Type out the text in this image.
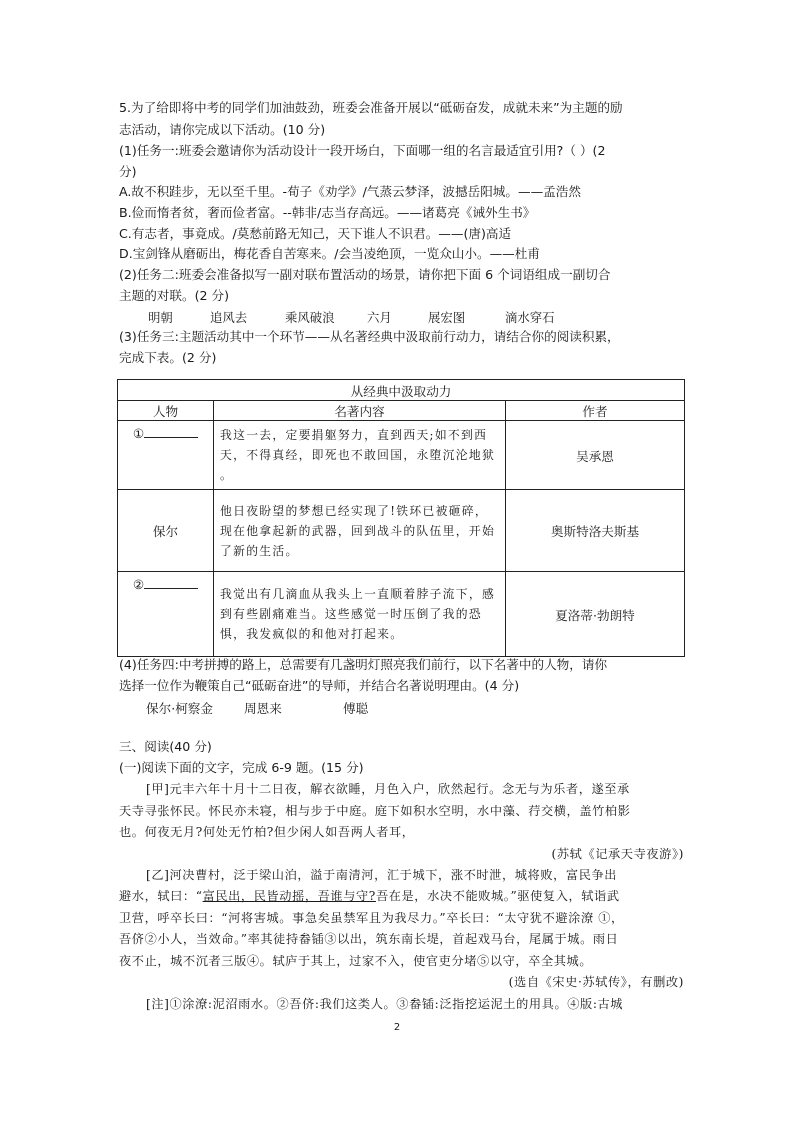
5.为了给即将中考的同学们加油鼓劲，班委会准备开展以“砥砺奋发，成就未来”为主题的励
志活动，请你完成以下活动。(10 分)
(1)任务一:班委会邀请你为活动设计一段开场白，下面哪一组的名言最适宜引用?（ ）(2
分)
A.故不积跬步，无以至千里。-荀子《劝学》/气蒸云梦泽，波撼岳阳城。——孟浩然
B.俭而惰者贫，奢而俭者富。--韩非/志当存高远。——诸葛亮《诫外生书》
C.有志者，事竟成。/莫愁前路无知己，天下谁人不识君。——(唐)高适
D.宝剑锋从磨砺出，梅花香自苦寒来。/会当凌绝顶，一览众山小。——杜甫
(2)任务二:班委会准备拟写一副对联布置活动的场景，请你把下面 6 个词语组成一副切合
主题的对联。(2 分)
明朝	追风去	乘风破浪	六月	展宏图	滴水穿石
(3)任务三:主题活动其中一个环节——从名著经典中汲取前行动力，请结合你的阅读积累，
完成下表。(2 分)
从经典中汲取动力		
人物	名著内容	作者
①	我这一去，定要捐躯努力，直到西天;如不到西天，不得真经，即死也不敢回国，永堕沉沦地狱 。	吴承恩
保尔	他日夜盼望的梦想已经实现了!铁环已被砸碎，现在他拿起新的武器，回到战斗的队伍里，开始了新的生活。	奥斯特洛夫斯基
②	我觉出有几滴血从我头上一直顺着脖子流下，感到有些剧痛难当。这些感觉一时压倒了我的恐惧，我发疯似的和他对打起来。	夏洛蒂·勃朗特
(4)任务四:中考拼搏的路上，总需要有几盏明灯照亮我们前行，以下名著中的人物，请你
选择一位作为鞭策自己“砥砺奋进”的导师，并结合名著说明理由。(4 分)
保尔·柯察金 周恩来	傅聪
三、阅读(40 分)
(一)阅读下面的文字，完成 6-9 题。(15 分)
[甲]元丰六年十月十二日夜，解衣欲睡，月色入户，欣然起行。念无与为乐者，遂至承
天寺寻张怀民。怀民亦未寝，相与步于中庭。庭下如积水空明，水中藻、荇交横，盖竹柏影
也。何夜无月?何处无竹柏?但少闲人如吾两人者耳，
(苏轼《记承天寺夜游》)
[乙]河决曹村，泛于梁山泊，溢于南清河，汇于城下，涨不时泄，城将败，富民争出
避水，轼曰：“富民出，民皆动摇，吾谁与守?吾在是，水决不能败城。”驱使复入，轼诣武
卫营，呼卒长曰：“河将害城。事急矣虽禁军且为我尽力。”卒长曰：“太守犹不避涂潦 ①，
吾侪②小人，当效命。”率其徒持畚锸③以出，筑东南长堤，首起戏马台，尾属于城。雨日
夜不止，城不沉者三版④。轼庐于其上，过家不入，使官吏分堵⑤以守，卒全其城。
(选自《宋史·苏轼传》，有删改)
[注]①涂潦:泥沼雨水。②吾侪:我们这类人。③畚锸:泛指挖运泥土的用具。④版:古城
2
